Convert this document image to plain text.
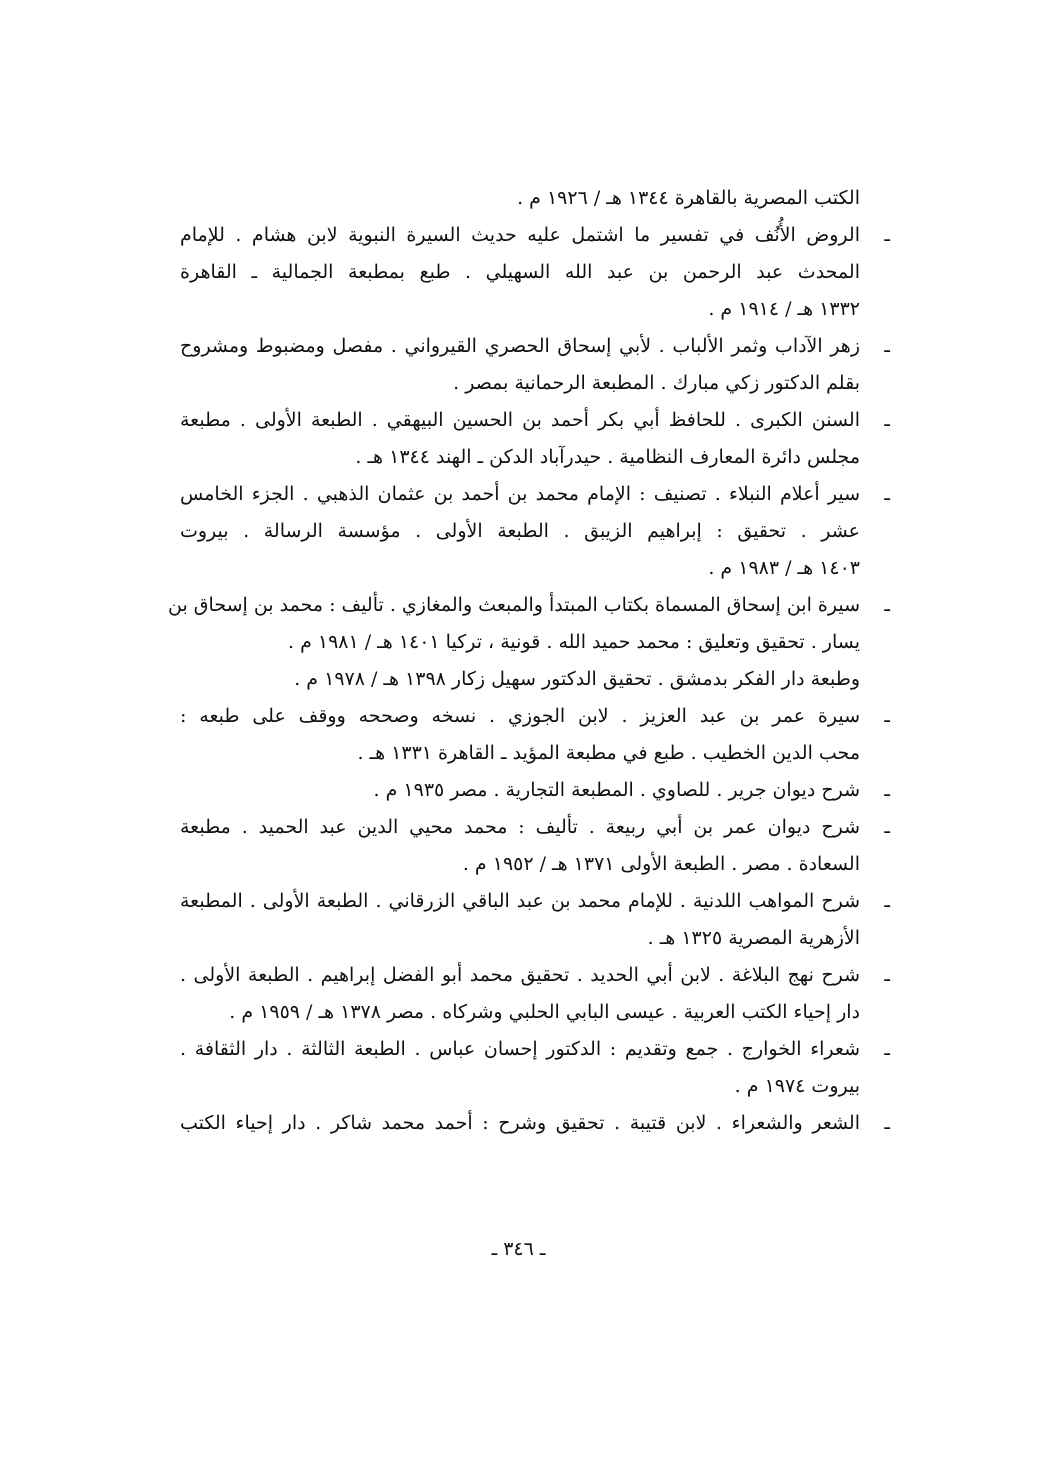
الكتب المصرية بالقاهرة ١٣٤٤ هـ / ١٩٢٦ م .
ـ
الروض الأُنُف في تفسير ما اشتمل عليه حديث السيرة النبوية لابن هشام . للإمام
المحدث عبد الرحمن بن عبد الله السهيلي . طبع بمطبعة الجمالية ـ القاهرة
١٣٣٢ هـ / ١٩١٤ م .
ـ
زهر الآداب وثمر الألباب . لأبي إسحاق الحصري القيرواني . مفصل ومضبوط ومشروح
بقلم الدكتور زكي مبارك . المطبعة الرحمانية بمصر .
ـ
السنن الكبرى . للحافظ أبي بكر أحمد بن الحسين البيهقي . الطبعة الأولى . مطبعة
مجلس دائرة المعارف النظامية . حيدرآباد الدكن ـ الهند ١٣٤٤ هـ .
ـ
سير أعلام النبلاء . تصنيف : الإمام محمد بن أحمد بن عثمان الذهبي . الجزء الخامس
عشر . تحقيق : إبراهيم الزيبق . الطبعة الأولى . مؤسسة الرسالة . بيروت
١٤٠٣ هـ / ١٩٨٣ م .
ـ
سيرة ابن إسحاق المسماة بكتاب المبتدأ والمبعث والمغازي . تأليف : محمد بن إسحاق بن
يسار . تحقيق وتعليق : محمد حميد الله . قونية ، تركيا ١٤٠١ هـ / ١٩٨١ م .
وطبعة دار الفكر بدمشق . تحقيق الدكتور سهيل زكار ١٣٩٨ هـ / ١٩٧٨ م .
ـ
سيرة عمر بن عبد العزيز . لابن الجوزي . نسخه وصححه ووقف على طبعه :
محب الدين الخطيب . طبع في مطبعة المؤيد ـ القاهرة ١٣٣١ هـ .
ـ
شرح ديوان جرير . للصاوي . المطبعة التجارية . مصر ١٩٣٥ م .
ـ
شرح ديوان عمر بن أبي ربيعة . تأليف : محمد محيي الدين عبد الحميد . مطبعة
السعادة . مصر . الطبعة الأولى ١٣٧١ هـ / ١٩٥٢ م .
ـ
شرح المواهب اللدنية . للإمام محمد بن عبد الباقي الزرقاني . الطبعة الأولى . المطبعة
الأزهرية المصرية ١٣٢٥ هـ .
ـ
شرح نهج البلاغة . لابن أبي الحديد . تحقيق محمد أبو الفضل إبراهيم . الطبعة الأولى .
دار إحياء الكتب العربية . عيسى البابي الحلبي وشركاه . مصر ١٣٧٨ هـ / ١٩٥٩ م .
ـ
شعراء الخوارج . جمع وتقديم : الدكتور إحسان عباس . الطبعة الثالثة . دار الثقافة .
بيروت ١٩٧٤ م .
ـ
الشعر والشعراء . لابن قتيبة . تحقيق وشرح : أحمد محمد شاكر . دار إحياء الكتب
ـ ٣٤٦ ـ
